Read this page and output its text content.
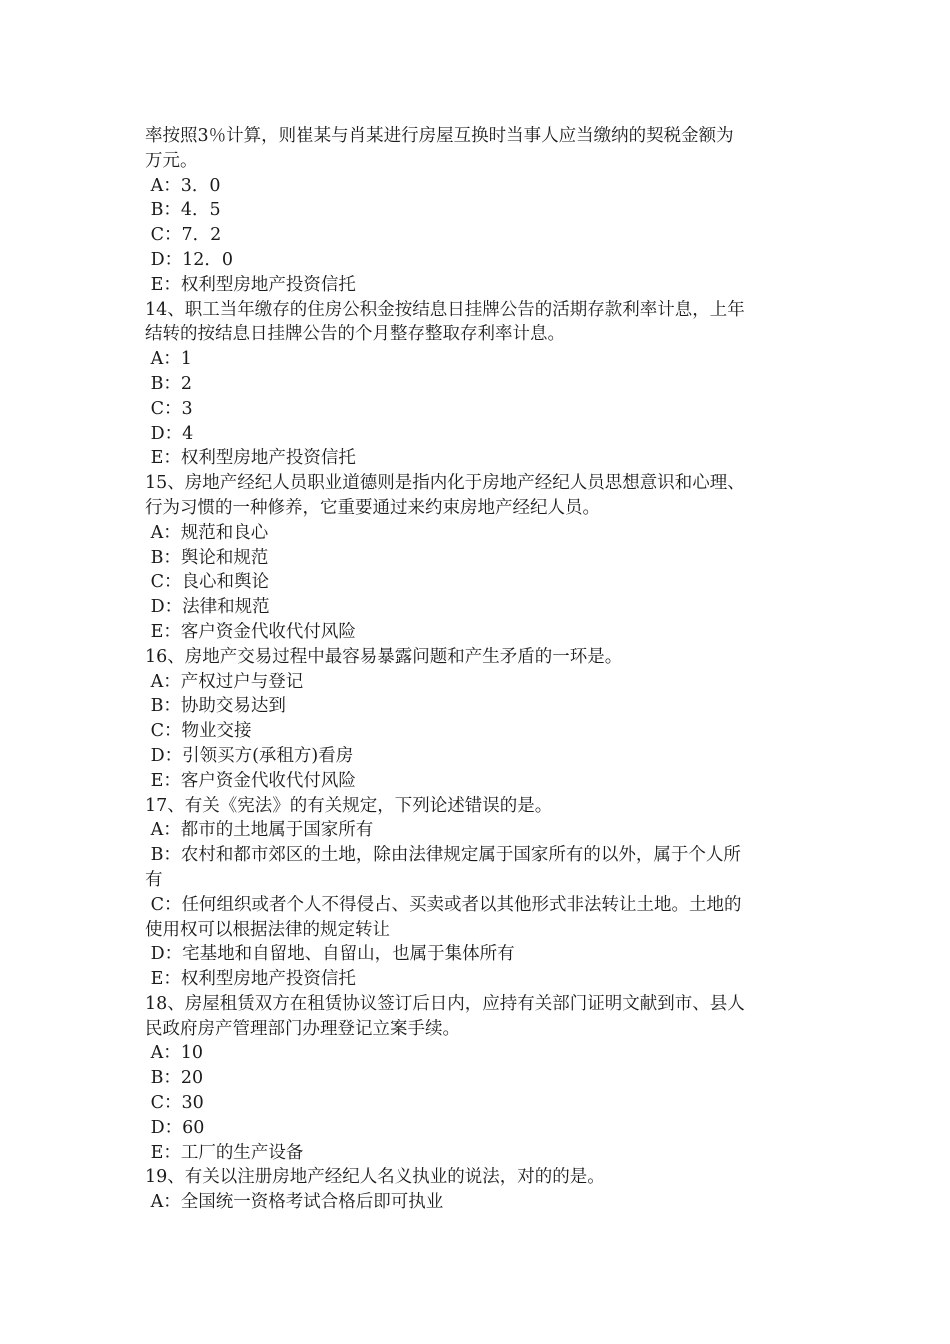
率按照3％计算，则崔某与肖某进行房屋互换时当事人应当缴纳的契税金额为
万元。
A：3．0
B：4．5
C：7．2
D：12．0
E：权利型房地产投资信托
14、职工当年缴存的住房公积金按结息日挂牌公告的活期存款利率计息，上年
结转的按结息日挂牌公告的个月整存整取存利率计息。
A：1
B：2
C：3
D：4
E：权利型房地产投资信托
15、房地产经纪人员职业道德则是指内化于房地产经纪人员思想意识和心理、
行为习惯的一种修养，它重要通过来约束房地产经纪人员。
A：规范和良心
B：舆论和规范
C：良心和舆论
D：法律和规范
E：客户资金代收代付风险
16、房地产交易过程中最容易暴露问题和产生矛盾的一环是。
A：产权过户与登记
B：协助交易达到
C：物业交接
D：引领买方(承租方)看房
E：客户资金代收代付风险
17、有关《宪法》的有关规定，下列论述错误的是。
A：都市的土地属于国家所有
B：农村和都市郊区的土地，除由法律规定属于国家所有的以外，属于个人所
有
C：任何组织或者个人不得侵占、买卖或者以其他形式非法转让土地。土地的
使用权可以根据法律的规定转让
D：宅基地和自留地、自留山，也属于集体所有
E：权利型房地产投资信托
18、房屋租赁双方在租赁协议签订后日内，应持有关部门证明文献到市、县人
民政府房产管理部门办理登记立案手续。
A：10
B：20
C：30
D：60
E：工厂的生产设备
19、有关以注册房地产经纪人名义执业的说法，对的的是。
A：全国统一资格考试合格后即可执业
